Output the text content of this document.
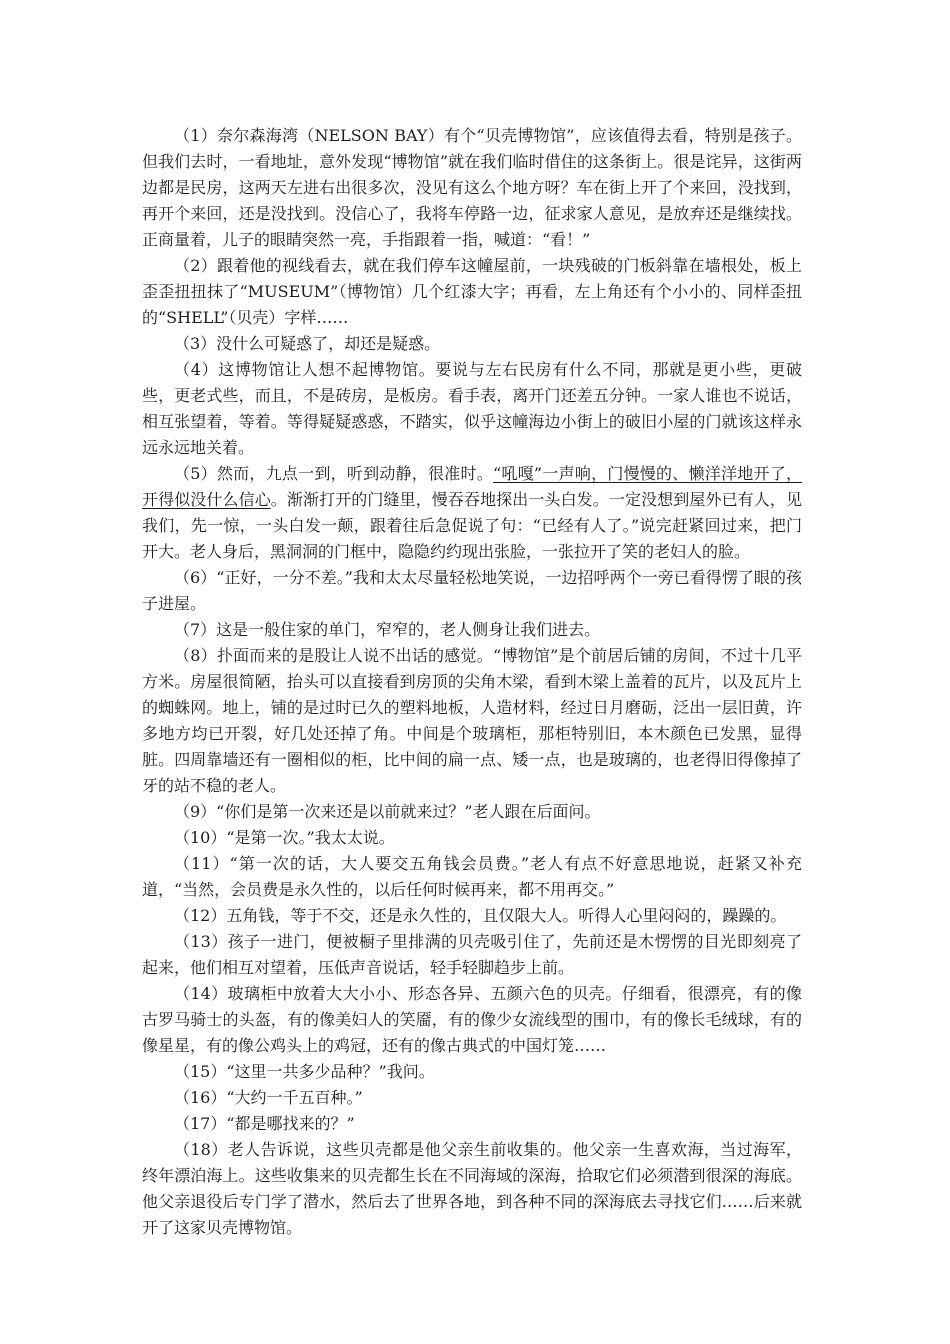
（1）奈尔森海湾（NELSON BAY）有个“贝壳博物馆”，应该值得去看，特别是孩子。但我们去时，一看地址，意外发现“博物馆”就在我们临时借住的这条街上。很是诧异，这街两边都是民房，这两天左进右出很多次，没见有这么个地方呀？车在街上开了个来回，没找到，再开个来回，还是没找到。没信心了，我将车停路一边，征求家人意见，是放弃还是继续找。正商量着，儿子的眼睛突然一亮，手指跟着一指，喊道：“看！”

（2）跟着他的视线看去，就在我们停车这幢屋前，一块残破的门板斜靠在墙根处，板上歪歪扭扭抹了“MUSEUM”（博物馆）几个红漆大字；再看，左上角还有个小小的、同样歪扭的“SHELL”（贝壳）字样……

（3）没什么可疑惑了，却还是疑惑。

（4）这博物馆让人想不起博物馆。要说与左右民房有什么不同，那就是更小些，更破些，更老式些，而且，不是砖房，是板房。看手表，离开门还差五分钟。一家人谁也不说话，相互张望着，等着。等得疑疑惑惑，不踏实，似乎这幢海边小街上的破旧小屋的门就该这样永远永远地关着。

（5）然而，九点一到，听到动静，很准时。“吼嘎”一声响，门慢慢的、懒洋洋地开了，开得似没什么信心。渐渐打开的门缝里，慢吞吞地探出一头白发。一定没想到屋外已有人，见我们，先一惊，一头白发一颠，跟着往后急促说了句：“已经有人了。”说完赶紧回过来，把门开大。老人身后，黑洞洞的门框中，隐隐约约现出张脸，一张拉开了笑的老妇人的脸。

（6）“正好，一分不差。”我和太太尽量轻松地笑说，一边招呼两个一旁已看得愣了眼的孩子进屋。

（7）这是一般住家的单门，窄窄的，老人侧身让我们进去。

（8）扑面而来的是股让人说不出话的感觉。“博物馆”是个前居后铺的房间，不过十几平方米。房屋很简陋，抬头可以直接看到房顶的尖角木梁，看到木梁上盖着的瓦片，以及瓦片上的蜘蛛网。地上，铺的是过时已久的塑料地板，人造材料，经过日月磨砺，泛出一层旧黄，许多地方均已开裂，好几处还掉了角。中间是个玻璃柜，那柜特别旧，本木颜色已发黑，显得脏。四周靠墙还有一圈相似的柜，比中间的扁一点、矮一点，也是玻璃的，也老得旧得像掉了牙的站不稳的老人。

（9）“你们是第一次来还是以前就来过？”老人跟在后面问。

（10）“是第一次。”我太太说。

（11）“第一次的话，大人要交五角钱会员费。”老人有点不好意思地说，赶紧又补充道，“当然，会员费是永久性的，以后任何时候再来，都不用再交。”

（12）五角钱，等于不交，还是永久性的，且仅限大人。听得人心里闷闷的，躁躁的。

（13）孩子一进门，便被橱子里排满的贝壳吸引住了，先前还是木愣愣的目光即刻亮了起来，他们相互对望着，压低声音说话，轻手轻脚趋步上前。

（14）玻璃柜中放着大大小小、形态各异、五颜六色的贝壳。仔细看，很漂亮，有的像古罗马骑士的头盔，有的像美妇人的笑靥，有的像少女流线型的围巾，有的像长毛绒球，有的像星星，有的像公鸡头上的鸡冠，还有的像古典式的中国灯笼……

（15）“这里一共多少品种？”我问。

（16）“大约一千五百种。”

（17）“都是哪找来的？”

（18）老人告诉说，这些贝壳都是他父亲生前收集的。他父亲一生喜欢海，当过海军，终年漂泊海上。这些收集来的贝壳都生长在不同海域的深海，拾取它们必须潜到很深的海底。他父亲退役后专门学了潜水，然后去了世界各地，到各种不同的深海底去寻找它们……后来就开了这家贝壳博物馆。
